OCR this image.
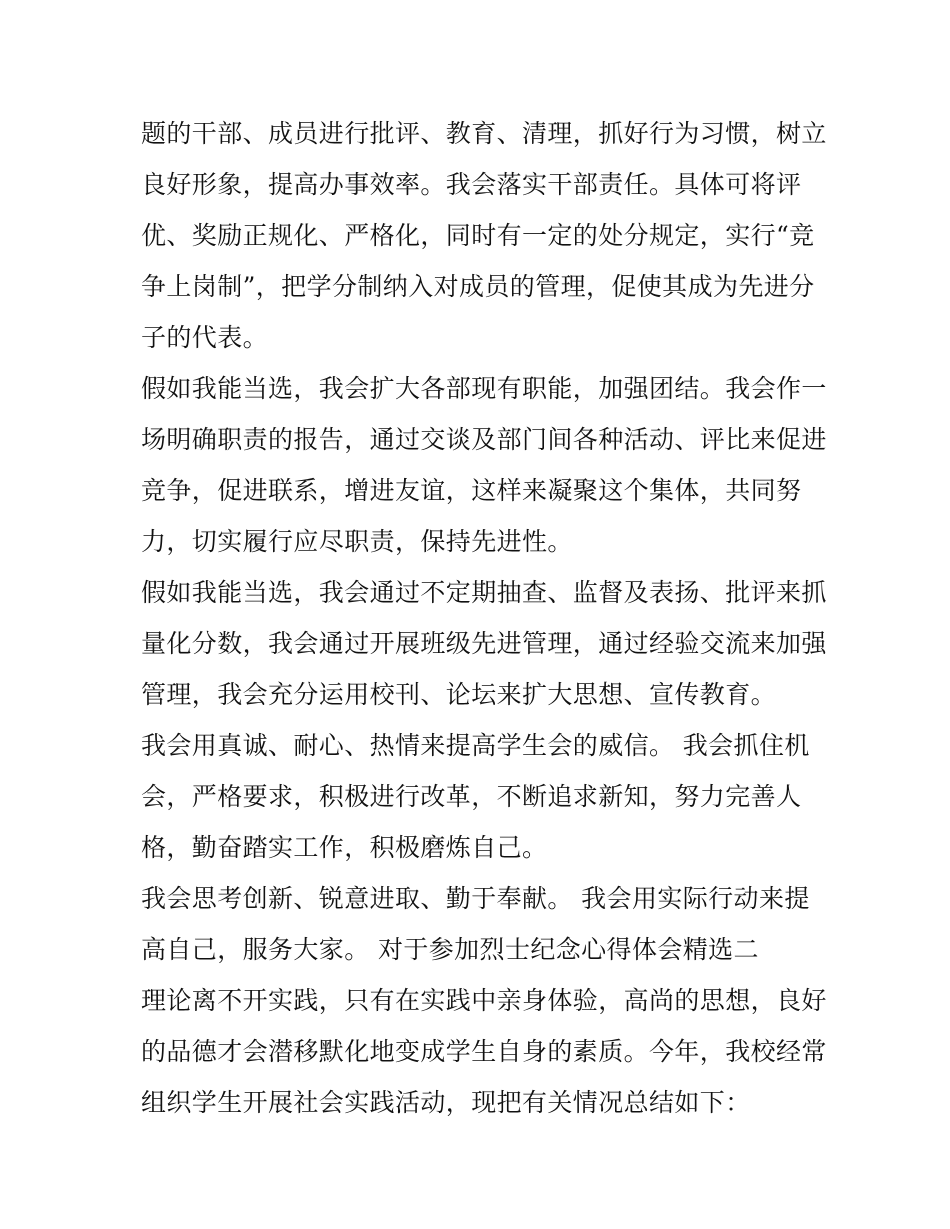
题的干部、成员进行批评、教育、清理，抓好行为习惯，树立
良好形象，提高办事效率。我会落实干部责任。具体可将评
优、奖励正规化、严格化，同时有一定的处分规定，实行“竞
争上岗制”，把学分制纳入对成员的管理，促使其成为先进分
子的代表。
假如我能当选，我会扩大各部现有职能，加强团结。我会作一
场明确职责的报告，通过交谈及部门间各种活动、评比来促进
竞争，促进联系，增进友谊，这样来凝聚这个集体，共同努
力，切实履行应尽职责，保持先进性。
假如我能当选，我会通过不定期抽查、监督及表扬、批评来抓
量化分数，我会通过开展班级先进管理，通过经验交流来加强
管理，我会充分运用校刊、论坛来扩大思想、宣传教育。
我会用真诚、耐心、热情来提高学生会的威信。 我会抓住机
会，严格要求，积极进行改革，不断追求新知，努力完善人
格，勤奋踏实工作，积极磨炼自己。
我会思考创新、锐意进取、勤于奉献。 我会用实际行动来提
高自己，服务大家。 对于参加烈士纪念心得体会精选二
理论离不开实践，只有在实践中亲身体验，高尚的思想，良好
的品德才会潜移默化地变成学生自身的素质。今年，我校经常
组织学生开展社会实践活动，现把有关情况总结如下：
